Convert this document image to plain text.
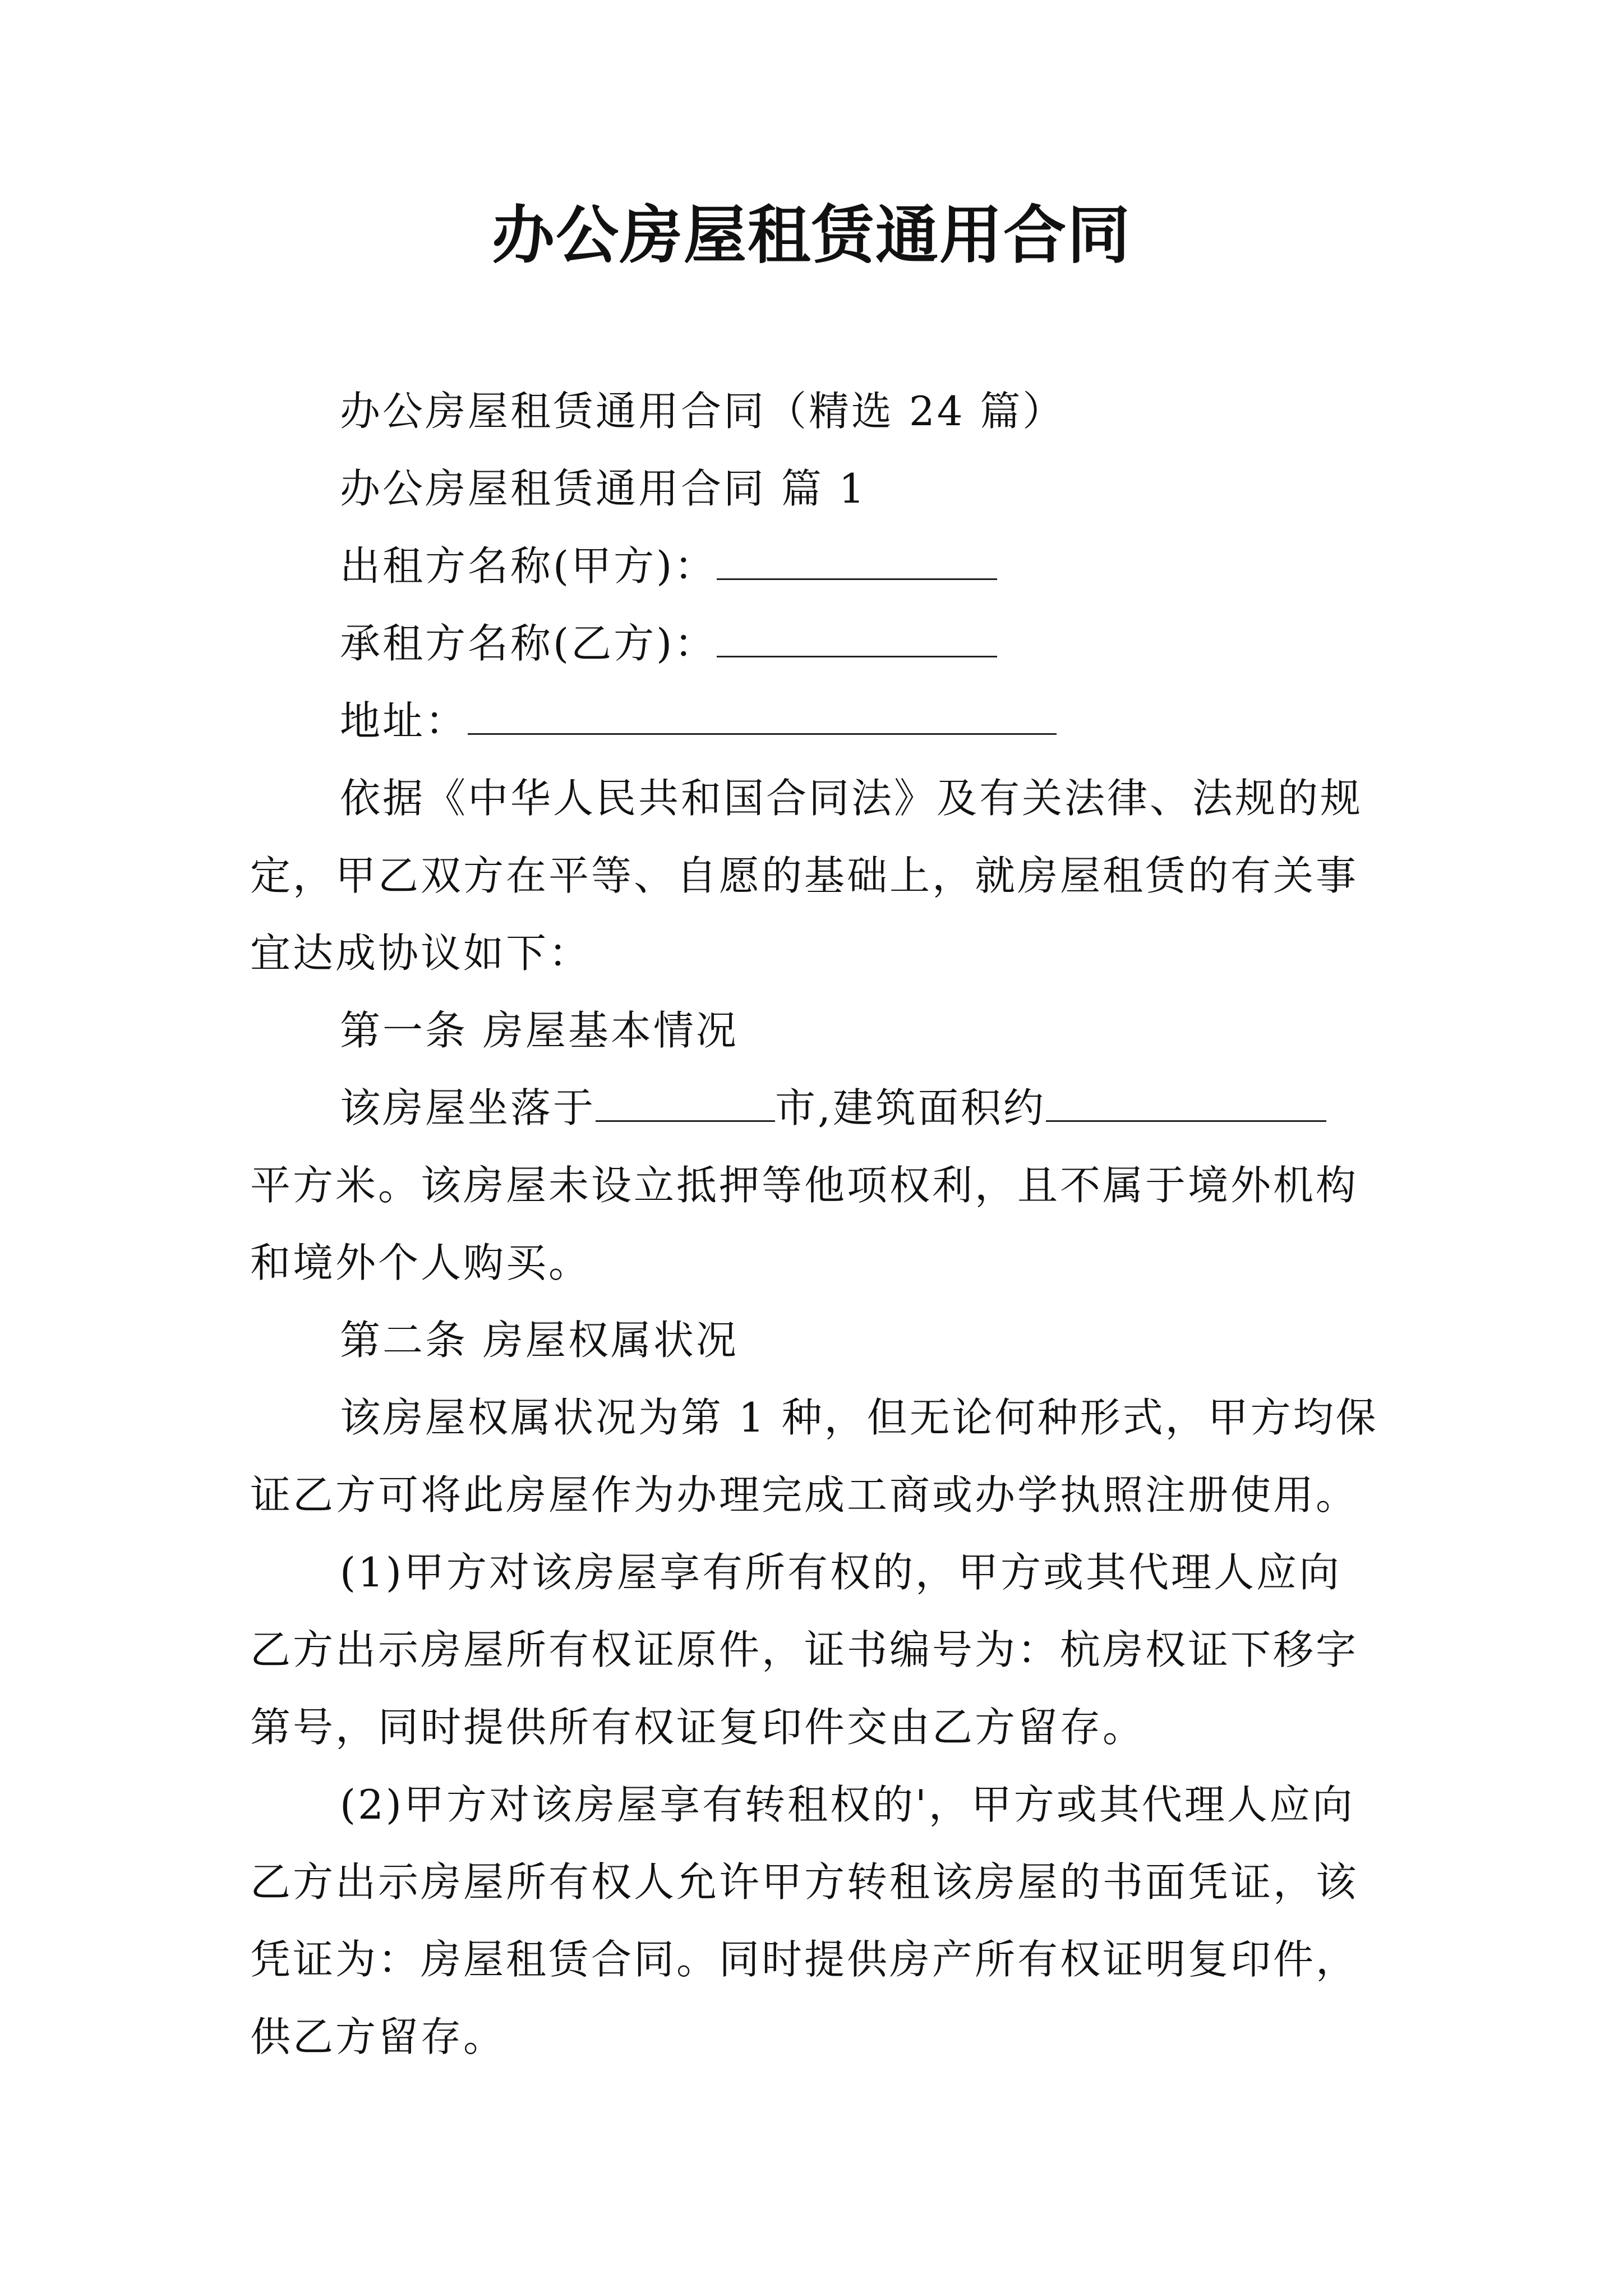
办公房屋租赁通用合同
办公房屋租赁通用合同（精选 24 篇）
办公房屋租赁通用合同 篇 1
出租方名称(甲方)：
承租方名称(乙方)：
地址：
依据《中华人民共和国合同法》及有关法律、法规的规
定，甲乙双方在平等、自愿的基础上，就房屋租赁的有关事
宜达成协议如下：
第一条 房屋基本情况
该房屋坐落于	市,建筑面积约
平方米。该房屋未设立抵押等他项权利，且不属于境外机构
和境外个人购买。
第二条 房屋权属状况
该房屋权属状况为第 1 种，但无论何种形式，甲方均保
证乙方可将此房屋作为办理完成工商或办学执照注册使用。
(1)甲方对该房屋享有所有权的，甲方或其代理人应向
乙方出示房屋所有权证原件，证书编号为：杭房权证下移字
第号，同时提供所有权证复印件交由乙方留存。
(2)甲方对该房屋享有转租权的'，甲方或其代理人应向
乙方出示房屋所有权人允许甲方转租该房屋的书面凭证，该
凭证为：房屋租赁合同。同时提供房产所有权证明复印件，
供乙方留存。
